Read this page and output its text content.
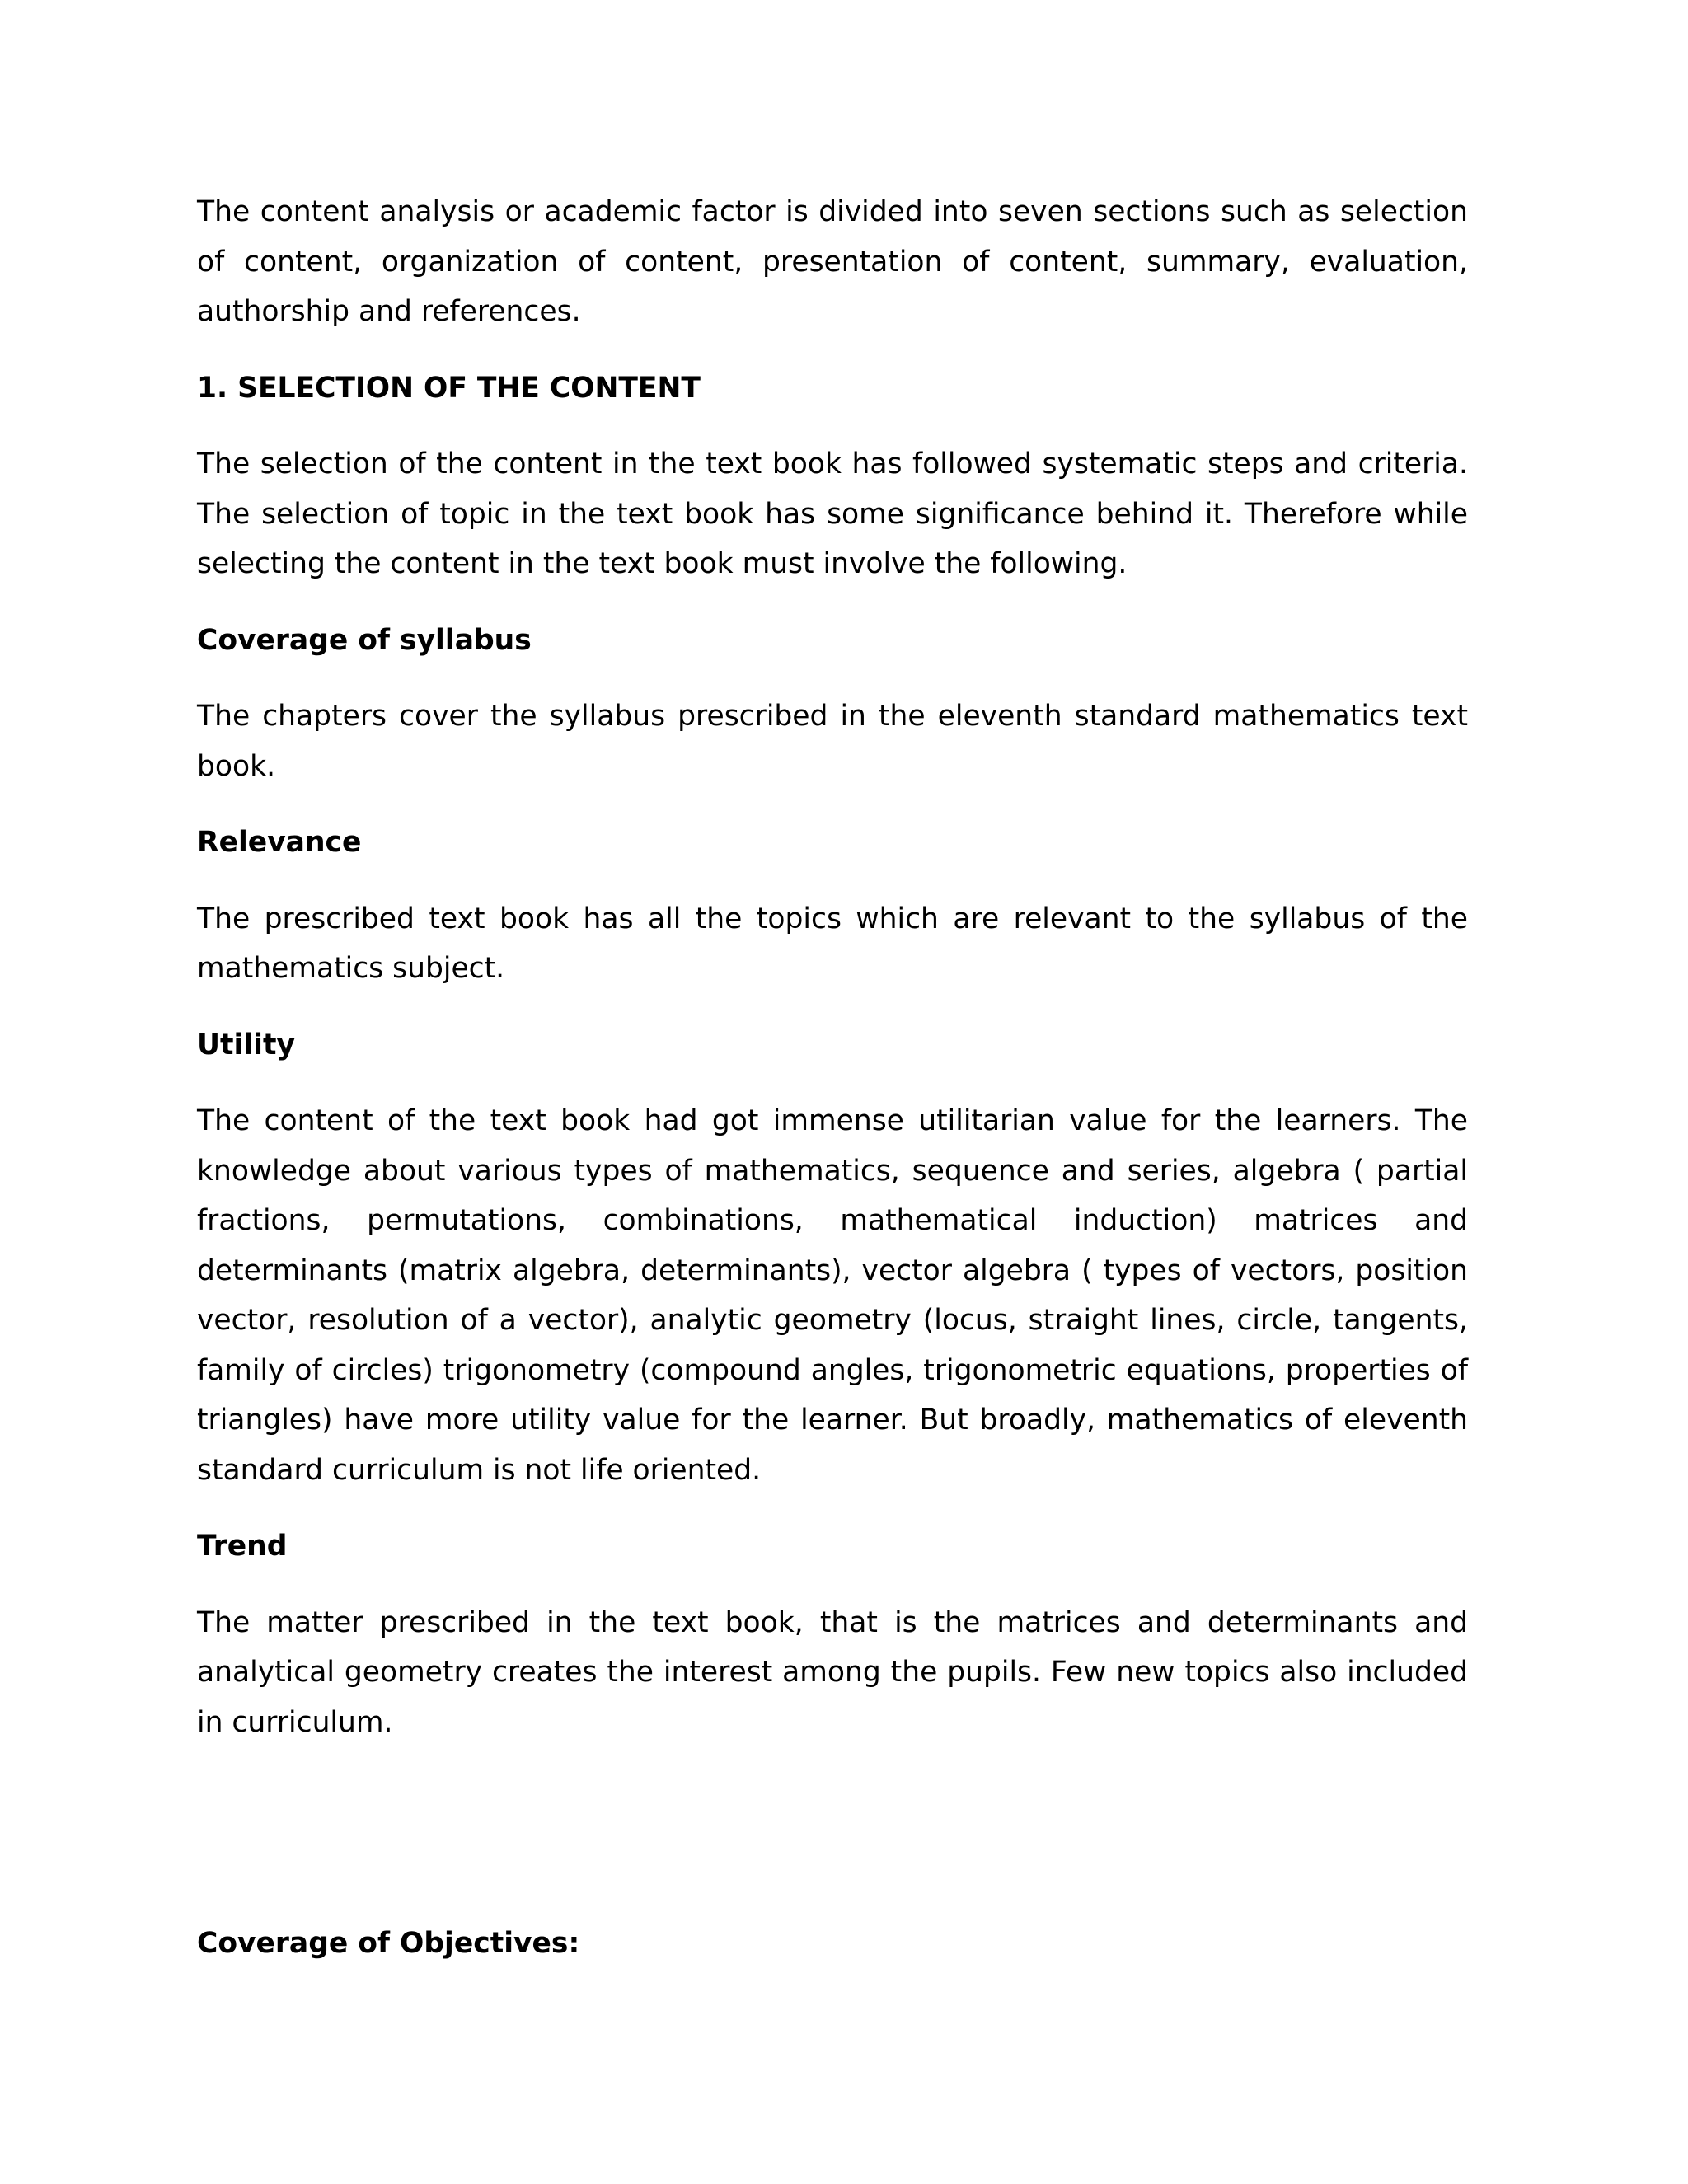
The content analysis or academic factor is divided into seven sections such as selection of content, organization of content, presentation of content, summary, evaluation, authorship and references.

1. SELECTION OF THE CONTENT

The selection of the content in the text book has followed systematic steps and criteria. The selection of topic in the text book has some significance behind it. Therefore while selecting the content in the text book must involve the following.

Coverage of syllabus

The chapters cover the syllabus prescribed in the eleventh standard mathematics text book.

Relevance

The prescribed text book has all the topics which are relevant to the syllabus of the mathematics subject.

Utility

The content of the text book had got immense utilitarian value for the learners. The knowledge about various types of mathematics, sequence and series, algebra ( partial fractions, permutations, combinations, mathematical induction) matrices and determinants (matrix algebra, determinants), vector algebra ( types of vectors, position vector, resolution of a vector), analytic geometry (locus, straight lines, circle, tangents, family of circles) trigonometry (compound angles, trigonometric equations, properties of triangles) have more utility value for the learner. But broadly, mathematics of eleventh standard curriculum is not life oriented.

Trend

The matter prescribed in the text book, that is the matrices and determinants and analytical geometry creates the interest among the pupils. Few new topics also included in curriculum.

Coverage of Objectives:
